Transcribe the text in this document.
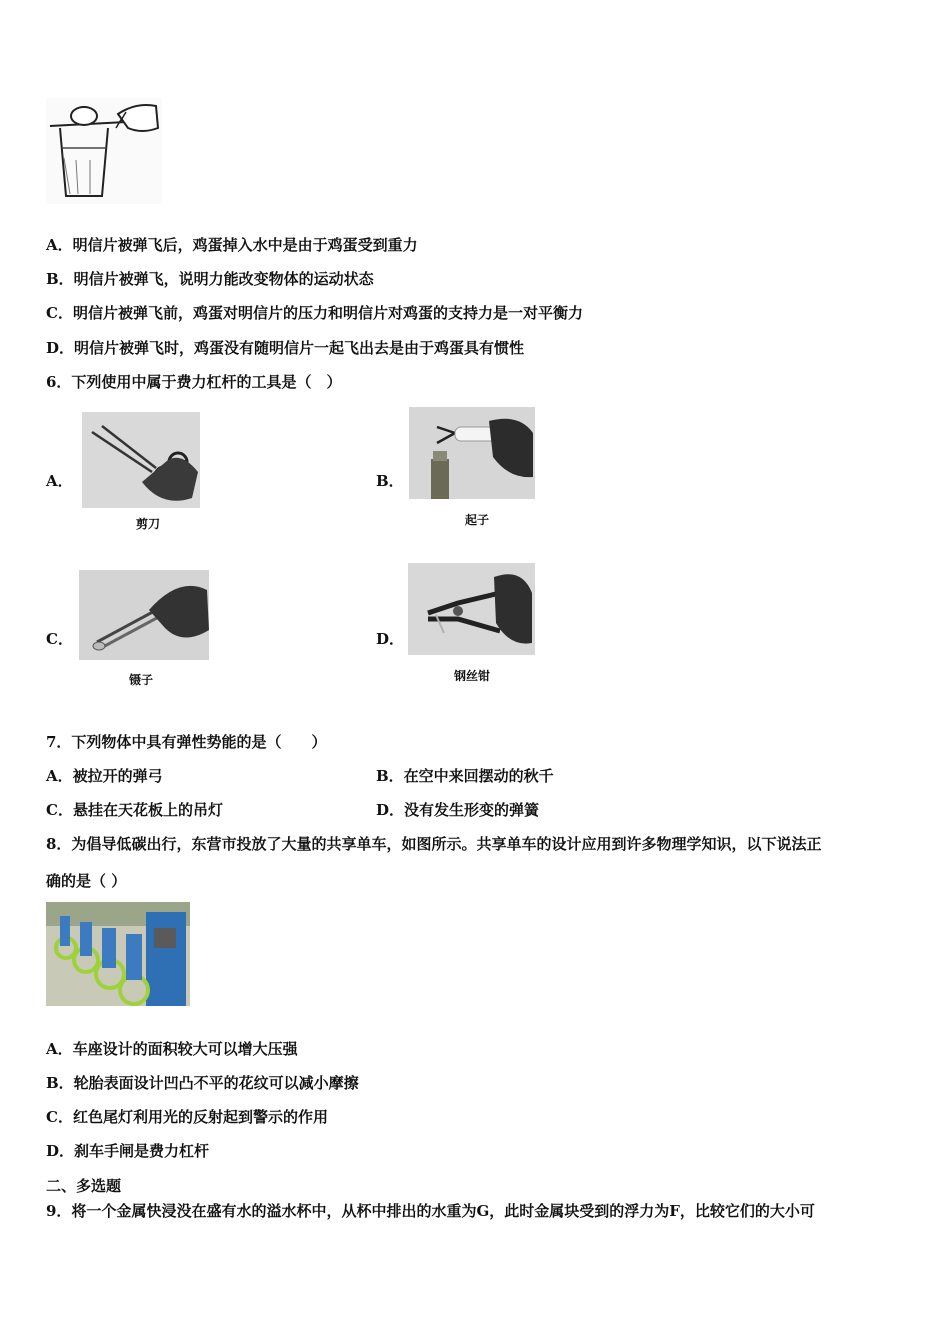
A．明信片被弹飞后，鸡蛋掉入水中是由于鸡蛋受到重力
B．明信片被弹飞，说明力能改变物体的运动状态
C．明信片被弹飞前，鸡蛋对明信片的压力和明信片对鸡蛋的支持力是一对平衡力
D．明信片被弹飞时，鸡蛋没有随明信片一起飞出去是由于鸡蛋具有惯性
6．下列使用中属于费力杠杆的工具是（　）
A．
剪刀
B．
起子
C．
镊子
D．
钢丝钳
7．下列物体中具有弹性势能的是（　　）
A．被拉开的弹弓	B．在空中来回摆动的秋千
C．悬挂在天花板上的吊灯	D．没有发生形变的弹簧
8．为倡导低碳出行，东营市投放了大量的共享单车，如图所示。共享单车的设计应用到许多物理学知识，以下说法正
确的是（ ）
A．车座设计的面积较大可以增大压强
B．轮胎表面设计凹凸不平的花纹可以减小摩擦
C．红色尾灯利用光的反射起到警示的作用
D．刹车手闸是费力杠杆
二、多选题
9．将一个金属快浸没在盛有水的溢水杯中，从杯中排出的水重为G，此时金属块受到的浮力为F，比较它们的大小可
